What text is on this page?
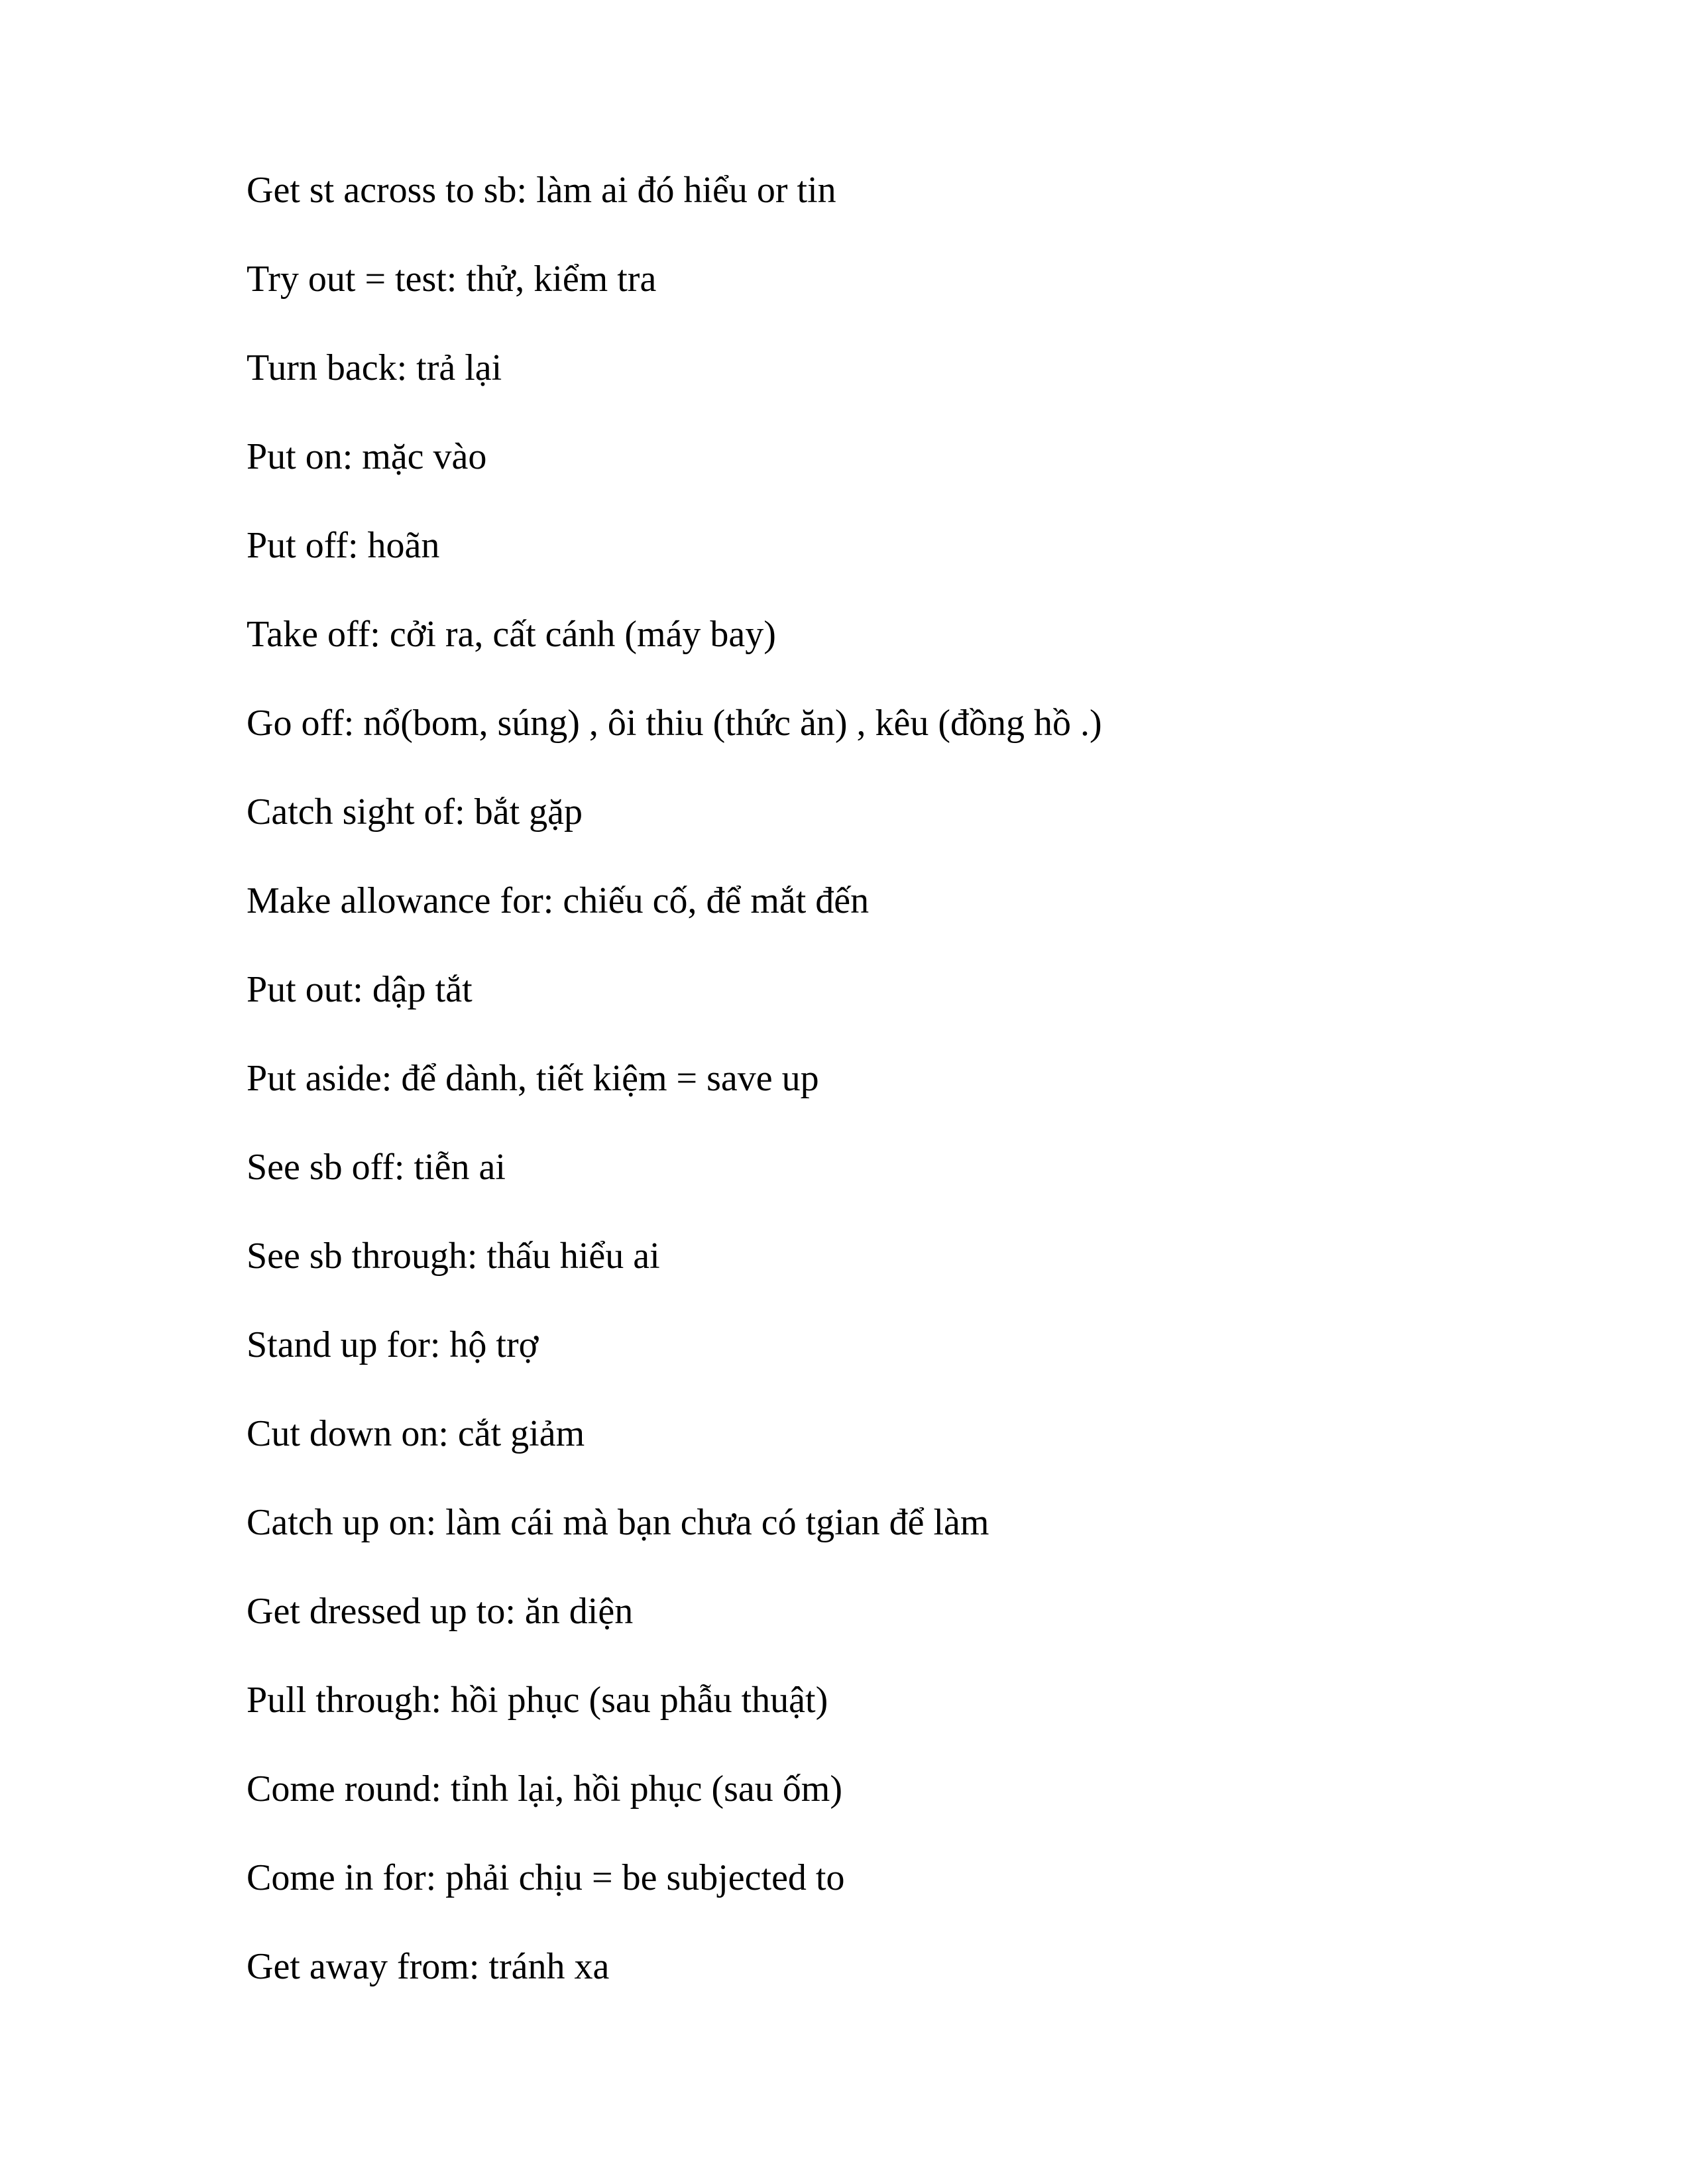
Get st across to sb: làm ai đó hiểu or tin
Try out = test: thử, kiểm tra
Turn back: trả lại
Put on: mặc vào
Put off: hoãn
Take off: cởi ra, cất cánh (máy bay)
Go off: nổ(bom, súng) , ôi thiu (thức ăn) , kêu (đồng hồ .)
Catch sight of: bắt gặp
Make allowance for: chiếu cố, để mắt đến
Put out: dập tắt
Put aside: để dành, tiết kiệm = save up
See sb off: tiễn ai
See sb through: thấu hiểu ai
Stand up for: hộ trợ
Cut down on: cắt giảm
Catch up on: làm cái mà bạn chưa có tgian để làm
Get dressed up to: ăn diện
Pull through: hồi phục (sau phẫu thuật)
Come round: tỉnh lại, hồi phục (sau ốm)
Come in for: phải chịu = be subjected to
Get away from: tránh xa
